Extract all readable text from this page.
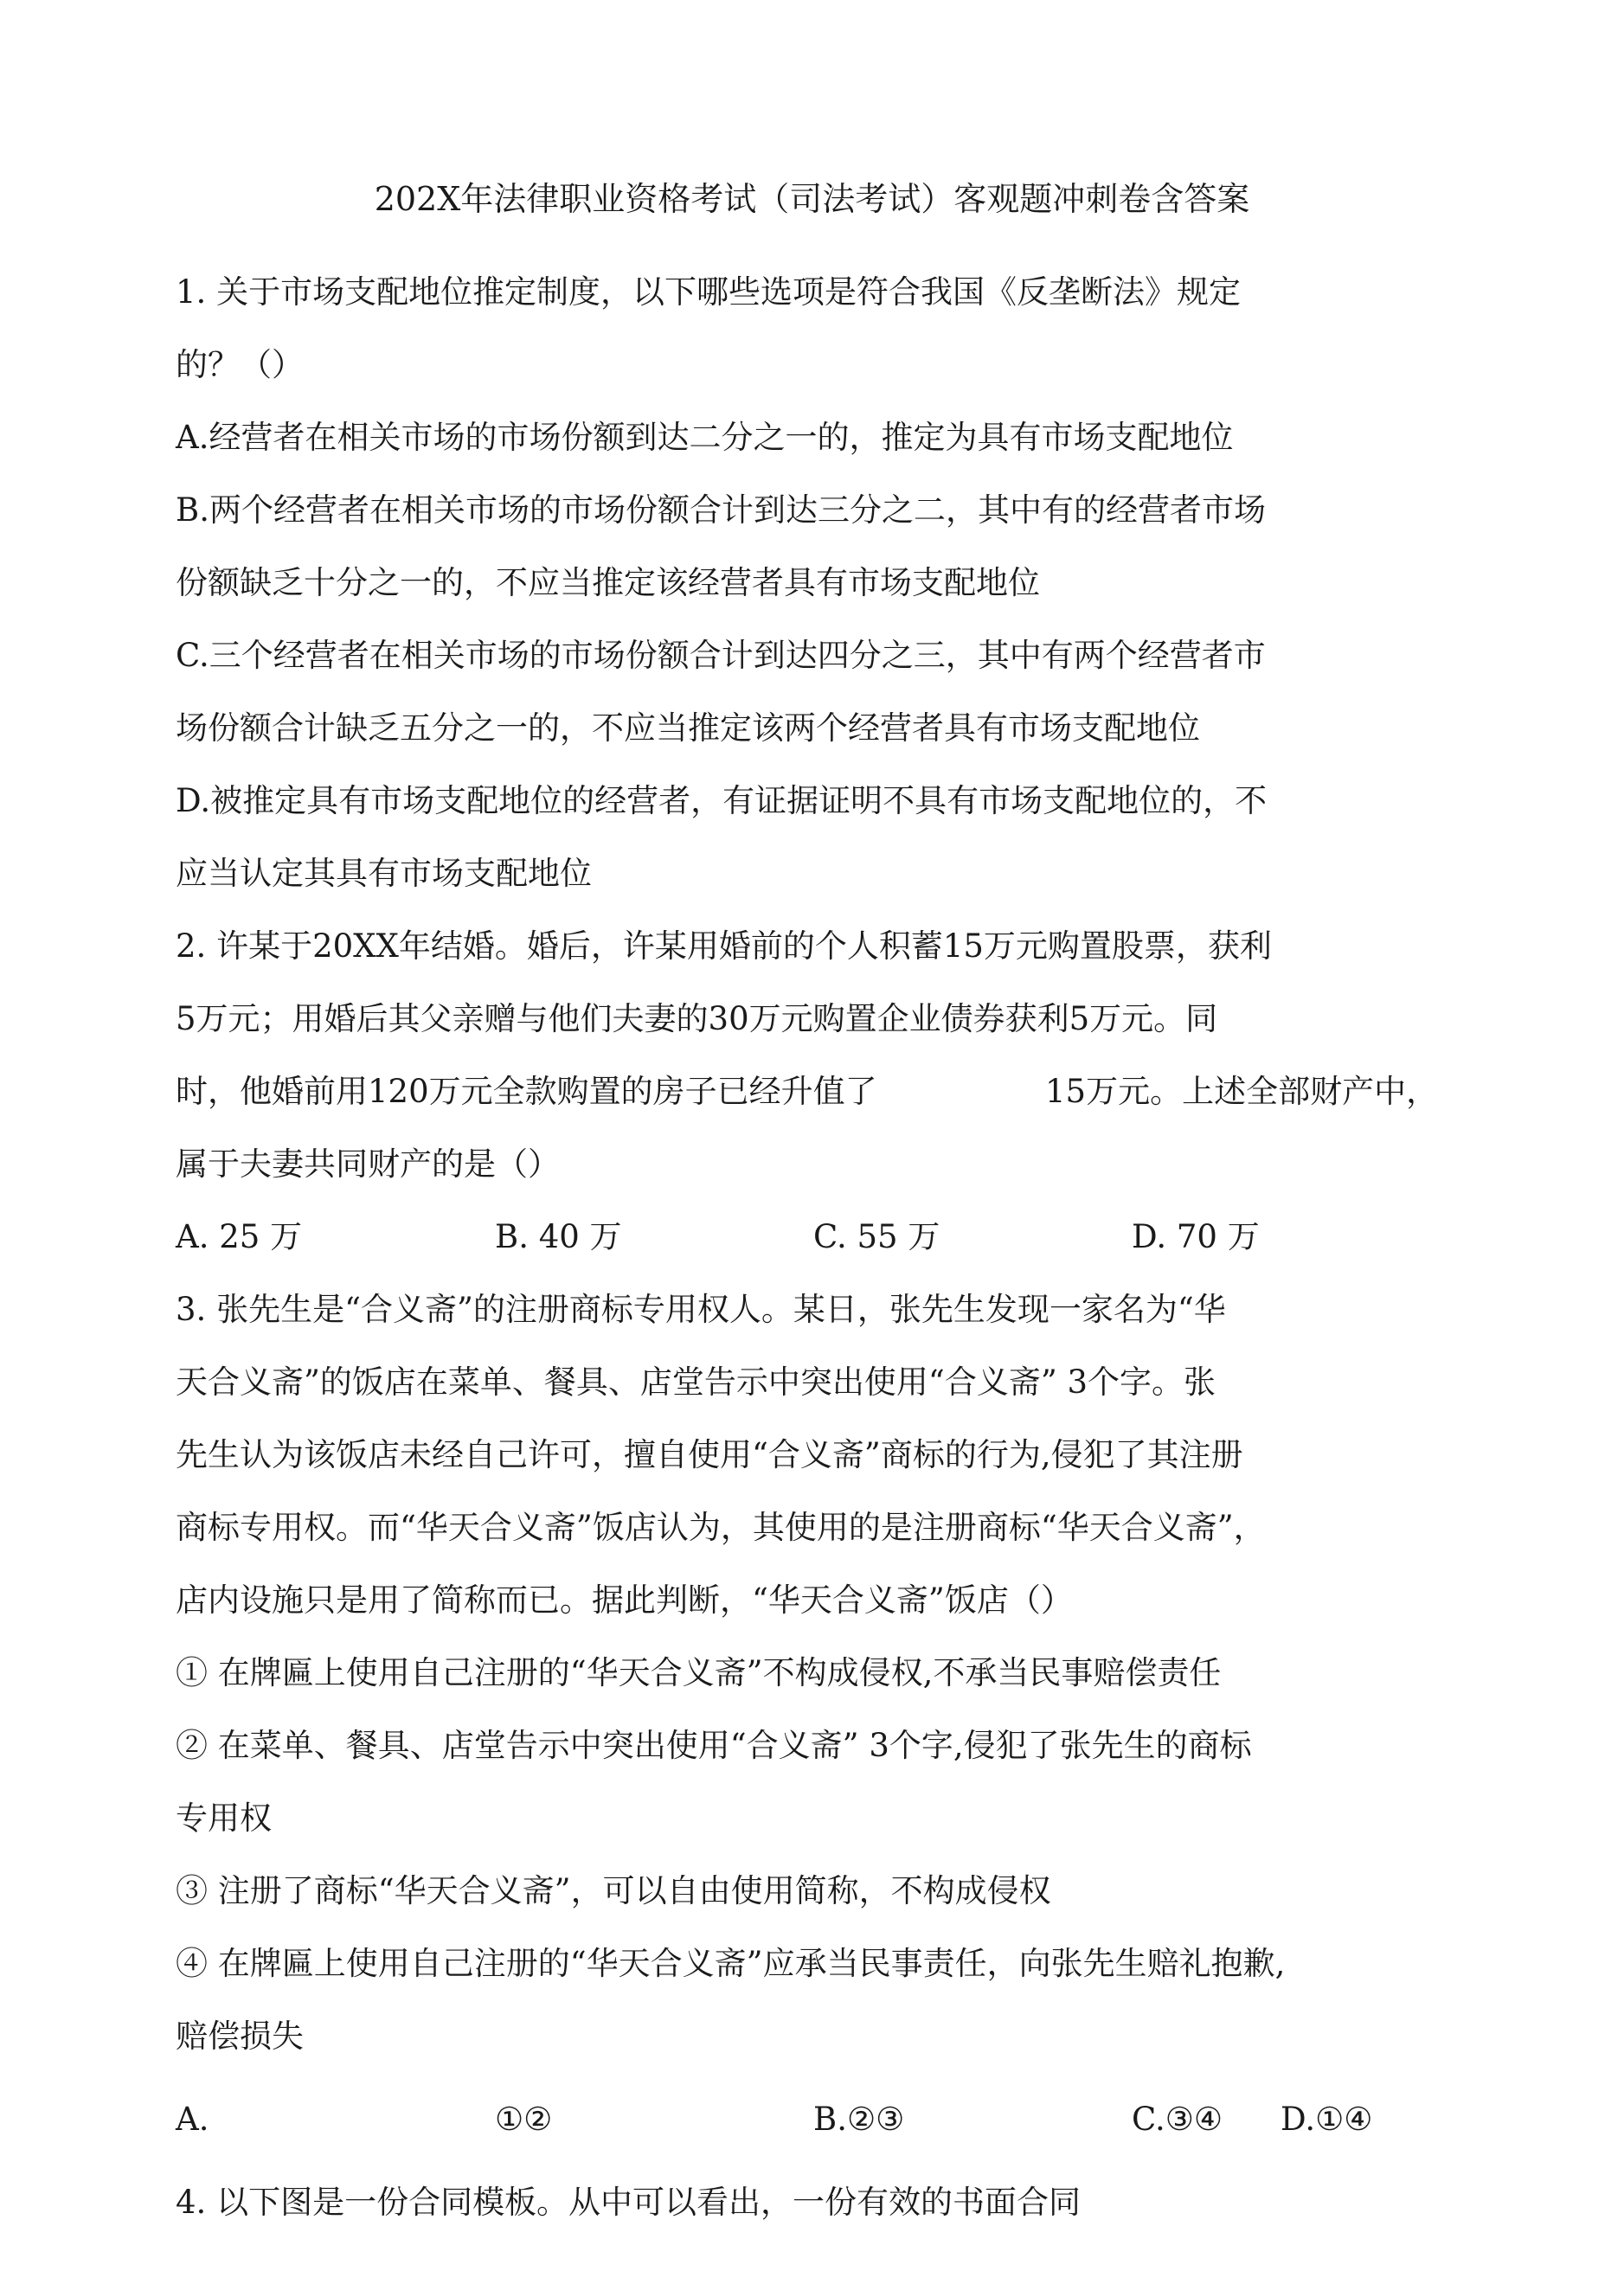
202X年法律职业资格考试（司法考试）客观题冲刺卷含答案
1. 关于市场支配地位推定制度，以下哪些选项是符合我国《反垄断法》规定
的？（）
A.经营者在相关市场的市场份额到达二分之一的，推定为具有市场支配地位
B.两个经营者在相关市场的市场份额合计到达三分之二，其中有的经营者市场
份额缺乏十分之一的，不应当推定该经营者具有市场支配地位
C.三个经营者在相关市场的市场份额合计到达四分之三，其中有两个经营者市
场份额合计缺乏五分之一的，不应当推定该两个经营者具有市场支配地位
D.被推定具有市场支配地位的经营者，有证据证明不具有市场支配地位的，不
应当认定其具有市场支配地位
2. 许某于20XX年结婚。婚后，许某用婚前的个人积蓄15万元购置股票，获利
5万元；用婚后其父亲赠与他们夫妻的30万元购置企业债券获利5万元。同
时，他婚前用120万元全款购置的房子已经升值了	15万元。上述全部财产中，
属于夫妻共同财产的是（）
A. 25 万	B. 40 万	C. 55 万	D. 70 万
3. 张先生是“合义斋”的注册商标专用权人。某日，张先生发现一家名为“华
天合义斋”的饭店在菜单、餐具、店堂告示中突出使用“合义斋” 3个字。张
先生认为该饭店未经自己许可，擅自使用“合义斋”商标的行为,侵犯了其注册
商标专用权。而“华天合义斋”饭店认为，其使用的是注册商标“华天合义斋”，
店内设施只是用了简称而已。据此判断，“华天合义斋”饭店（）
① 在牌匾上使用自己注册的“华天合义斋”不构成侵权,不承当民事赔偿责任
② 在菜单、餐具、店堂告示中突出使用“合义斋” 3个字,侵犯了张先生的商标
专用权
③ 注册了商标“华天合义斋”，可以自由使用简称，不构成侵权
④ 在牌匾上使用自己注册的“华天合义斋”应承当民事责任，向张先生赔礼抱歉,
赔偿损失
A.	①②	B.②③	C.③④ D.①④
4. 以下图是一份合同模板。从中可以看出，一份有效的书面合同
